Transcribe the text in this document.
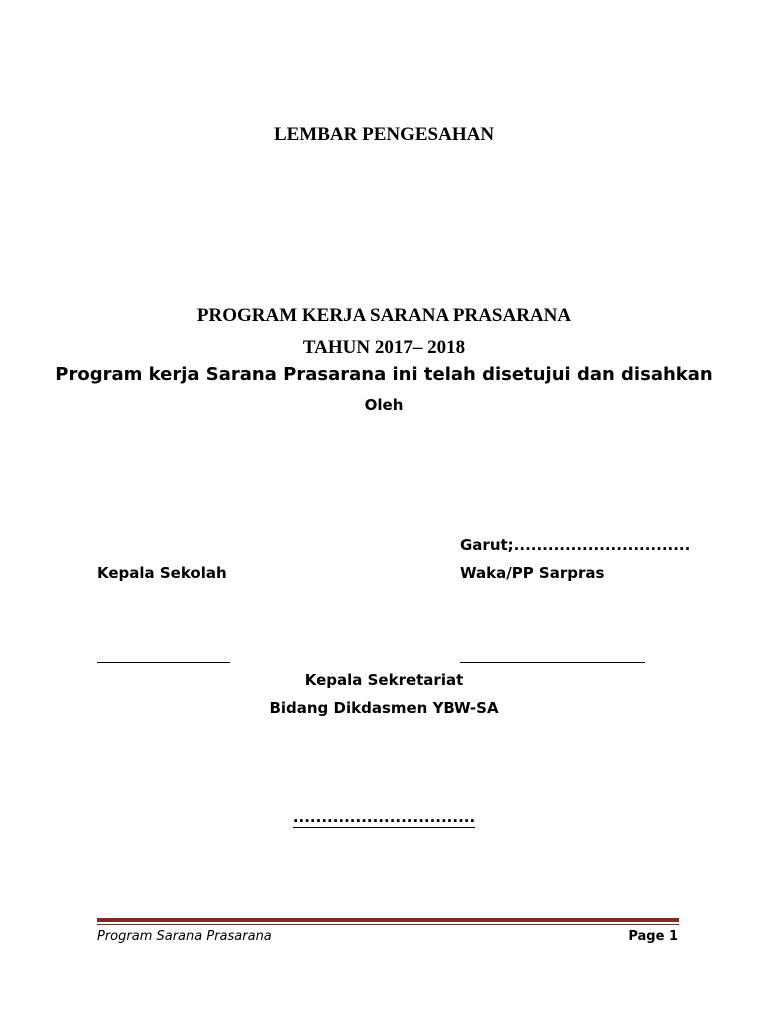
LEMBAR PENGESAHAN
PROGRAM KERJA SARANA PRASARANA
TAHUN 2017– 2018
Program kerja Sarana Prasarana ini telah disetujui dan disahkan
Oleh
Garut;...............................
Kepala Sekolah	Waka/PP Sarpras
Kepala Sekretariat
Bidang Dikdasmen YBW-SA
................................
Program Sarana Prasarana	Page 1
